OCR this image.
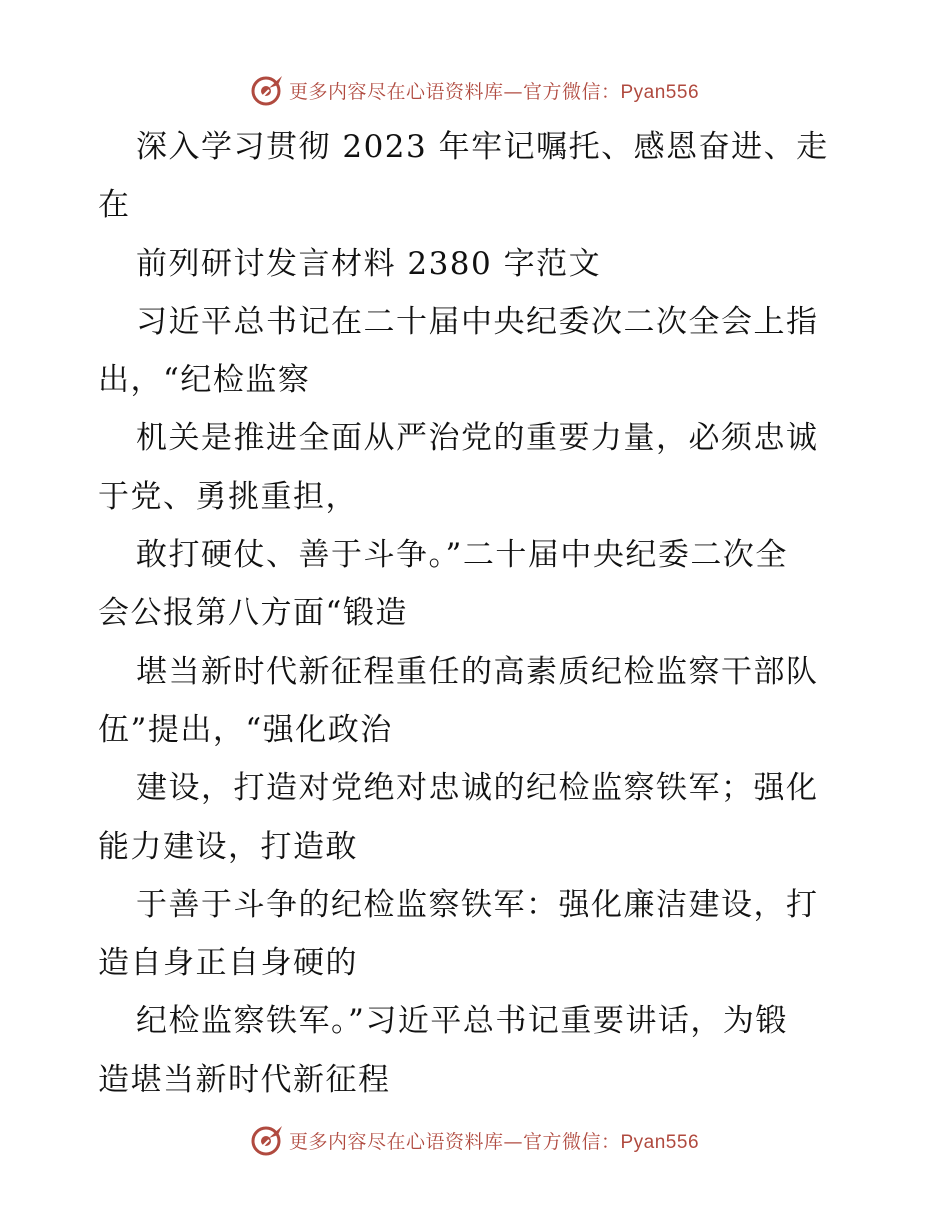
更多内容尽在心语资料库—官方微信：Pyan556
深入学习贯彻 2023 年牢记嘱托、感恩奋进、走
在
前列研讨发言材料 2380 字范文
习近平总书记在二十届中央纪委次二次全会上指
出，“纪检监察
机关是推进全面从严治党的重要力量，必须忠诚
于党、勇挑重担，
敢打硬仗、善于斗争。”二十届中央纪委二次全
会公报第八方面“锻造
堪当新时代新征程重任的高素质纪检监察干部队
伍”提出，“强化政治
建设，打造对党绝对忠诚的纪检监察铁军；强化
能力建设，打造敢
于善于斗争的纪检监察铁军：强化廉洁建设，打
造自身正自身硬的
纪检监察铁军。”习近平总书记重要讲话，为锻
造堪当新时代新征程
更多内容尽在心语资料库—官方微信：Pyan556
